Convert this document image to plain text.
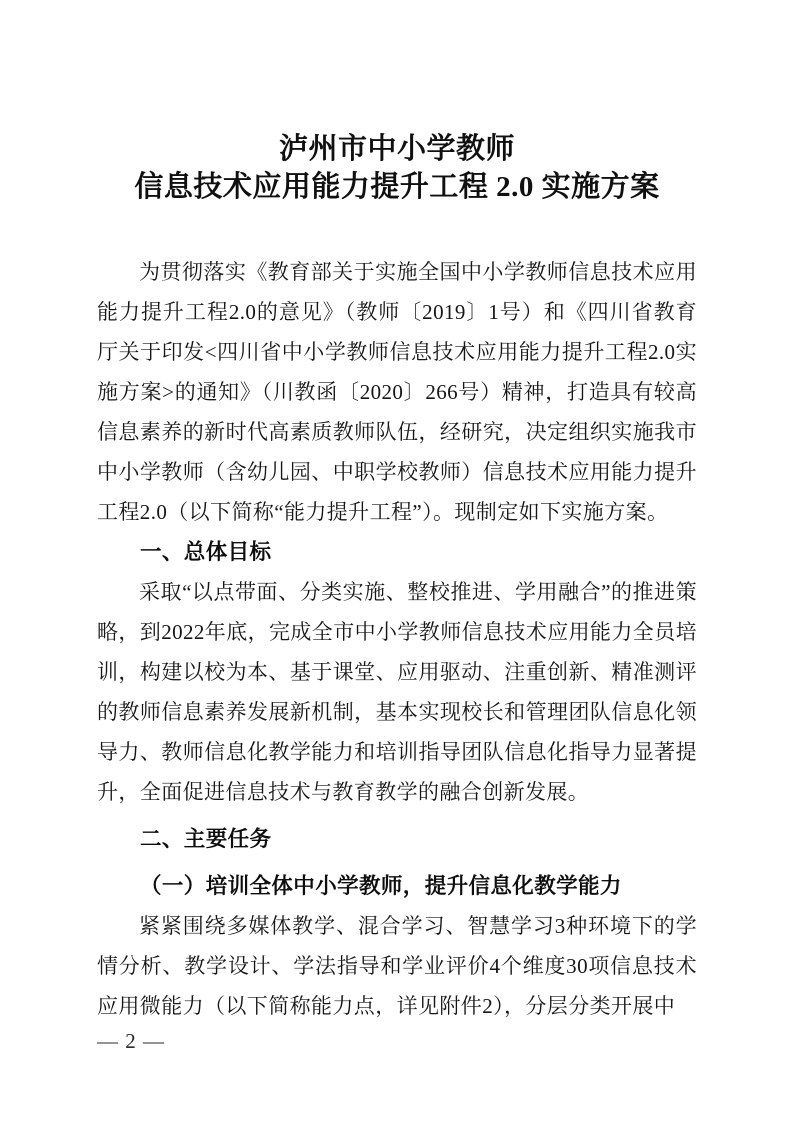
泸州市中小学教师
信息技术应用能力提升工程 2.0 实施方案

为贯彻落实《教育部关于实施全国中小学教师信息技术应用能力提升工程2.0的意见》（教师〔2019〕1号）和《四川省教育厅关于印发<四川省中小学教师信息技术应用能力提升工程2.0实施方案>的通知》（川教函〔2020〕266号）精神，打造具有较高信息素养的新时代高素质教师队伍，经研究，决定组织实施我市中小学教师（含幼儿园、中职学校教师）信息技术应用能力提升工程2.0（以下简称“能力提升工程”）。现制定如下实施方案。

一、总体目标

采取“以点带面、分类实施、整校推进、学用融合”的推进策略，到2022年底，完成全市中小学教师信息技术应用能力全员培训，构建以校为本、基于课堂、应用驱动、注重创新、精准测评的教师信息素养发展新机制，基本实现校长和管理团队信息化领导力、教师信息化教学能力和培训指导团队信息化指导力显著提升，全面促进信息技术与教育教学的融合创新发展。

二、主要任务
（一）培训全体中小学教师，提升信息化教学能力

紧紧围绕多媒体教学、混合学习、智慧学习3种环境下的学情分析、教学设计、学法指导和学业评价4个维度30项信息技术应用微能力（以下简称能力点，详见附件2），分层分类开展中

— 2 —
